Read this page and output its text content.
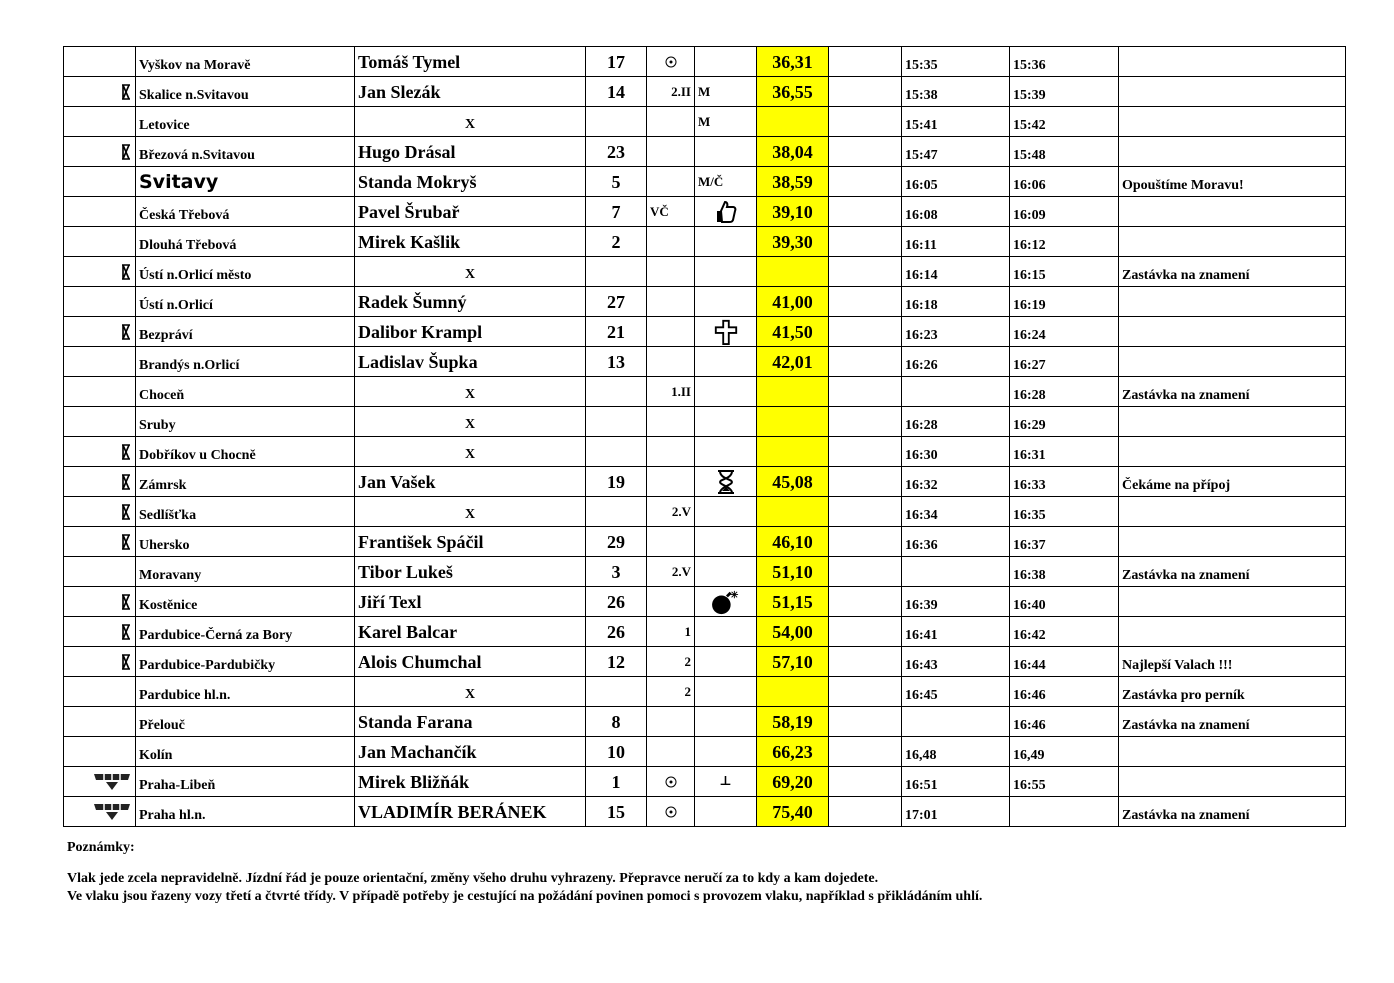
	Vyškov na Moravě	Tomáš Tymel	17			36,31		15:35	15:36	

	Skalice n.Svitavou	Jan Slezák	14	2.II	M	36,55		15:38	15:39	
	Letovice	X			M			15:41	15:42	

	Březová n.Svitavou	Hugo Drásal	23			38,04		15:47	15:48	
	Svitavy	Standa Mokryš	5		M/Č	38,59		16:05	16:06	Opouštíme Moravu!
	Česká Třebová	Pavel Šrubař	7	VČ		39,10		16:08	16:09	
	Dlouhá Třebová	Mirek Kašlik	2			39,30		16:11	16:12	

	Ústí n.Orlicí město	X						16:14	16:15	Zastávka na znamení
	Ústí n.Orlicí	Radek Šumný	27			41,00		16:18	16:19	

	Bezpráví	Dalibor Krampl	21			41,50		16:23	16:24	
	Brandýs n.Orlicí	Ladislav Šupka	13			42,01		16:26	16:27	
	Choceň	X		1.II					16:28	Zastávka na znamení
	Sruby	X						16:28	16:29	

	Dobříkov u Chocně	X						16:30	16:31	

	Zámrsk	Jan Vašek	19			45,08		16:32	16:33	Čekáme na přípoj

	Sedlíšťka	X		2.V				16:34	16:35	

	Uhersko	František Spáčil	29			46,10		16:36	16:37	
	Moravany	Tibor Lukeš	3	2.V		51,10			16:38	Zastávka na znamení

	Kostěnice	Jiří Texl	26			51,15		16:39	16:40	

	Pardubice-Černá za Bory	Karel Balcar	26	1		54,00		16:41	16:42	

	Pardubice-Pardubičky	Alois Chumchal	12	2		57,10		16:43	16:44	Najlepší Valach !!!
	Pardubice hl.n.	X		2				16:45	16:46	Zastávka pro perník
	Přelouč	Standa Farana	8			58,19			16:46	Zastávka na znamení
	Kolín	Jan Machančík	10			66,23		16,48	16,49	

	Praha-Libeň	Mirek Bližňák	1		⊥	69,20		16:51	16:55	

	Praha hl.n.	VLADIMÍR BERÁNEK	15			75,40		17:01		Zastávka na znamení
Poznámky:
Vlak jede zcela nepravidelně. Jízdní řád je pouze orientační, změny všeho druhu vyhrazeny. Přepravce neručí za to kdy a kam dojedete.
Ve vlaku jsou řazeny vozy třetí a čtvrté třídy. V případě potřeby je cestující na požádání povinen pomoci s provozem vlaku, například s přikládáním uhlí.
